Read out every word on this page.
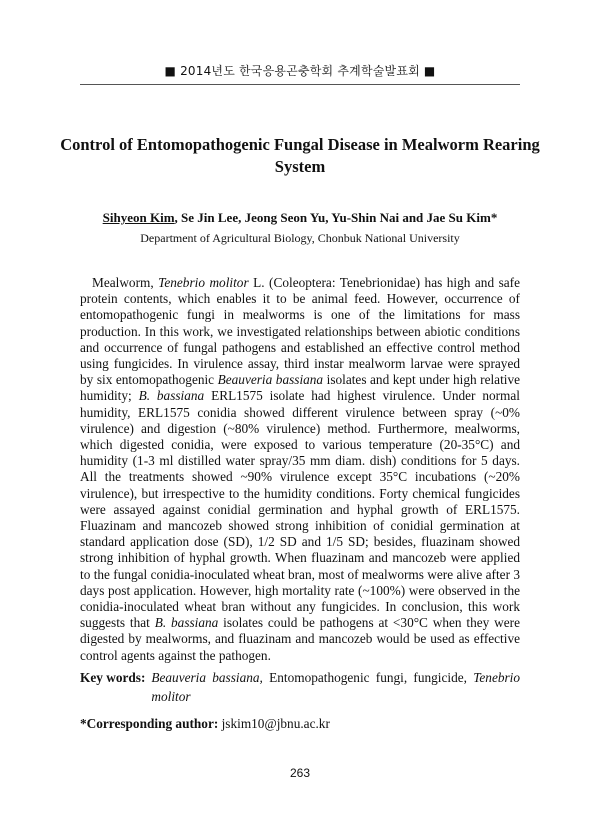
■ 2014년도 한국응용곤충학회 추계학술발표회 ■
Control of Entomopathogenic Fungal Disease in Mealworm Rearing System
Sihyeon Kim, Se Jin Lee, Jeong Seon Yu, Yu-Shin Nai and Jae Su Kim*
Department of Agricultural Biology, Chonbuk National University
Mealworm, Tenebrio molitor L. (Coleoptera: Tenebrionidae) has high and safe protein contents, which enables it to be animal feed. However, occurrence of entomopathogenic fungi in mealworms is one of the limitations for mass production. In this work, we investigated relationships between abiotic conditions and occurrence of fungal pathogens and established an effective control method using fungicides. In virulence assay, third instar mealworm larvae were sprayed by six entomopathogenic Beauveria bassiana isolates and kept under high relative humidity; B. bassiana ERL1575 isolate had highest virulence. Under normal humidity, ERL1575 conidia showed different virulence between spray (~0% virulence) and digestion (~80% virulence) method. Furthermore, mealworms, which digested conidia, were exposed to various temperature (20-35°C) and humidity (1-3 ml distilled water spray/35 mm diam. dish) conditions for 5 days. All the treatments showed ~90% virulence except 35°C incubations (~20% virulence), but irrespective to the humidity conditions. Forty chemical fungicides were assayed against conidial germination and hyphal growth of ERL1575. Fluazinam and mancozeb showed strong inhibition of conidial germination at standard application dose (SD), 1/2 SD and 1/5 SD; besides, fluazinam showed strong inhibition of hyphal growth. When fluazinam and mancozeb were applied to the fungal conidia-inoculated wheat bran, most of mealworms were alive after 3 days post application. However, high mortality rate (~100%) were observed in the conidia-inoculated wheat bran without any fungicides. In conclusion, this work suggests that B. bassiana isolates could be pathogens at <30°C when they were digested by mealworms, and fluazinam and mancozeb would be used as effective control agents against the pathogen.
Key words: Beauveria bassiana, Entomopathogenic fungi, fungicide, Tenebrio molitor
*Corresponding author: jskim10@jbnu.ac.kr
263
